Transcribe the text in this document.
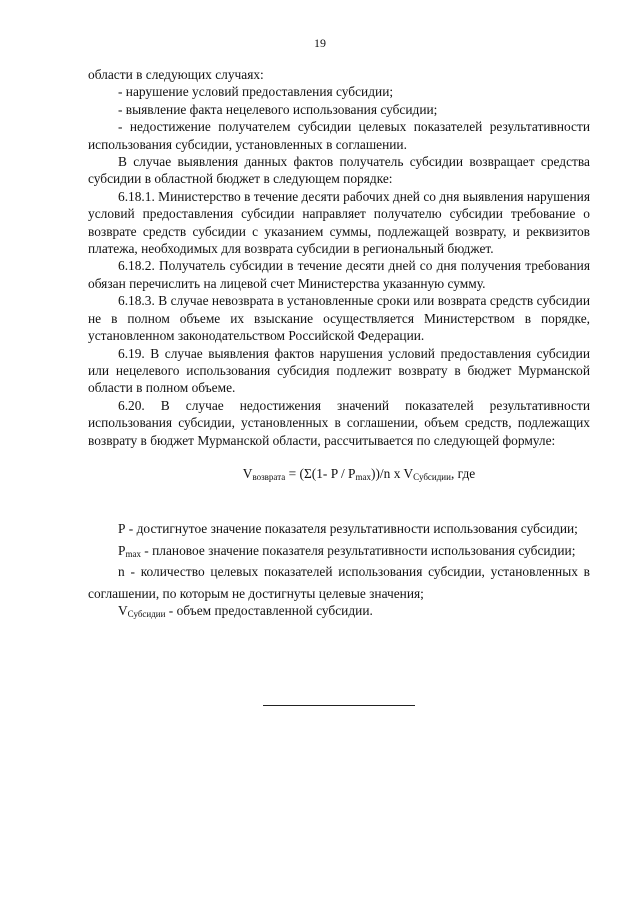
19

области в следующих случаях:

- нарушение условий предоставления субсидии;

- выявление факта нецелевого использования субсидии;

- недостижение получателем субсидии целевых показателей результативности использования субсидии, установленных в соглашении.

В случае выявления данных фактов получатель субсидии возвращает средства субсидии в областной бюджет в следующем порядке:

6.18.1. Министерство в течение десяти рабочих дней со дня выявления нарушения условий предоставления субсидии направляет получателю субсидии требование о возврате средств субсидии с указанием суммы, подлежащей возврату, и реквизитов платежа, необходимых для возврата субсидии в региональный бюджет.

6.18.2. Получатель субсидии в течение десяти дней со дня получения требования обязан перечислить на лицевой счет Министерства указанную сумму.

6.18.3. В случае невозврата в установленные сроки или возврата средств субсидии не в полном объеме их взыскание осуществляется Министерством в порядке, установленном законодательством Российской Федерации.

6.19. В случае выявления фактов нарушения условий предоставления субсидии или нецелевого использования субсидия подлежит возврату в бюджет Мурманской области в полном объеме.

6.20. В случае недостижения значений показателей результативности использования субсидии, установленных в соглашении, объем средств, подлежащих возврату в бюджет Мурманской области, рассчитывается по следующей формуле:

$V_{возврата} = (\Sigma(1-$ P / $P_{max}))/n$ x $V_{Субсидии}$, где

P - достигнутое значение показателя результативности использования субсидии;

$P_{max}$ - плановое значение показателя результативности использования субсидии;

n - количество целевых показателей использования субсидии, установленных в соглашении, по которым не достигнуты целевые значения;

$V_{Субсидии}$ - объем предоставленной субсидии.
